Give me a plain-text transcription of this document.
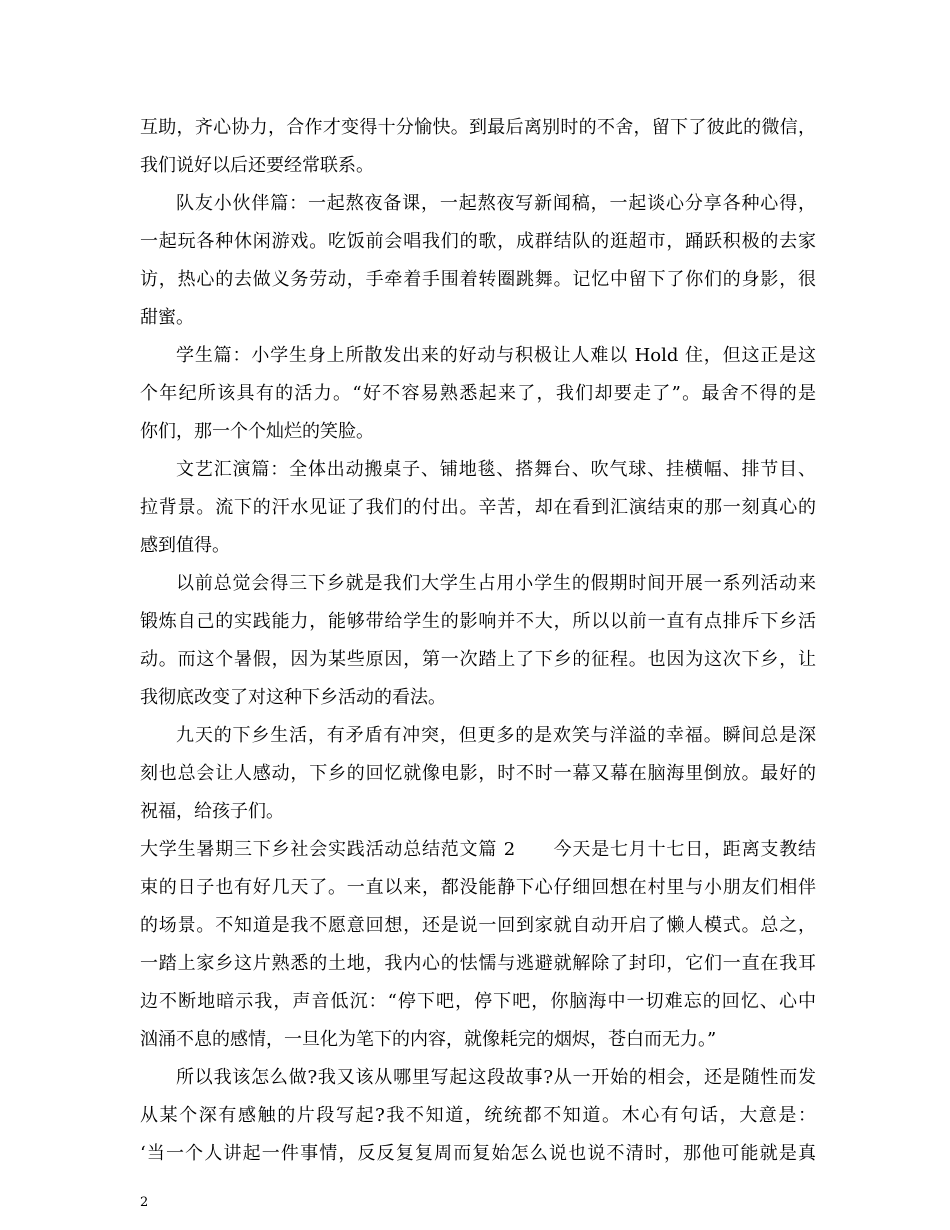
互助，齐心协力，合作才变得十分愉快。到最后离别时的不舍，留下了彼此的微信，
我们说好以后还要经常联系。
队友小伙伴篇：一起熬夜备课，一起熬夜写新闻稿，一起谈心分享各种心得，
一起玩各种休闲游戏。吃饭前会唱我们的歌，成群结队的逛超市，踊跃积极的去家
访，热心的去做义务劳动，手牵着手围着转圈跳舞。记忆中留下了你们的身影，很
甜蜜。
学生篇：小学生身上所散发出来的好动与积极让人难以 Hold 住，但这正是这
个年纪所该具有的活力。“好不容易熟悉起来了，我们却要走了”。最舍不得的是
你们，那一个个灿烂的笑脸。
文艺汇演篇：全体出动搬桌子、铺地毯、搭舞台、吹气球、挂横幅、排节目、
拉背景。流下的汗水见证了我们的付出。辛苦，却在看到汇演结束的那一刻真心的
感到值得。
以前总觉会得三下乡就是我们大学生占用小学生的假期时间开展一系列活动来
锻炼自己的实践能力，能够带给学生的影响并不大，所以以前一直有点排斥下乡活
动。而这个暑假，因为某些原因，第一次踏上了下乡的征程。也因为这次下乡，让
我彻底改变了对这种下乡活动的看法。
九天的下乡生活，有矛盾有冲突，但更多的是欢笑与洋溢的幸福。瞬间总是深
刻也总会让人感动，下乡的回忆就像电影，时不时一幕又幕在脑海里倒放。最好的
祝福，给孩子们。
大学生暑期三下乡社会实践活动总结范文篇 2　　今天是七月十七日，距离支教结
束的日子也有好几天了。一直以来，都没能静下心仔细回想在村里与小朋友们相伴
的场景。不知道是我不愿意回想，还是说一回到家就自动开启了懒人模式。总之，
一踏上家乡这片熟悉的土地，我内心的怯懦与逃避就解除了封印，它们一直在我耳
边不断地暗示我，声音低沉：“停下吧，停下吧，你脑海中一切难忘的回忆、心中
汹涌不息的感情，一旦化为笔下的内容，就像耗完的烟烬，苍白而无力。”
所以我该怎么做?我又该从哪里写起这段故事?从一开始的相会，还是随性而发
从某个深有感触的片段写起?我不知道，统统都不知道。木心有句话，大意是：
‘当一个人讲起一件事情，反反复复周而复始怎么说也说不清时，那他可能就是真
2
